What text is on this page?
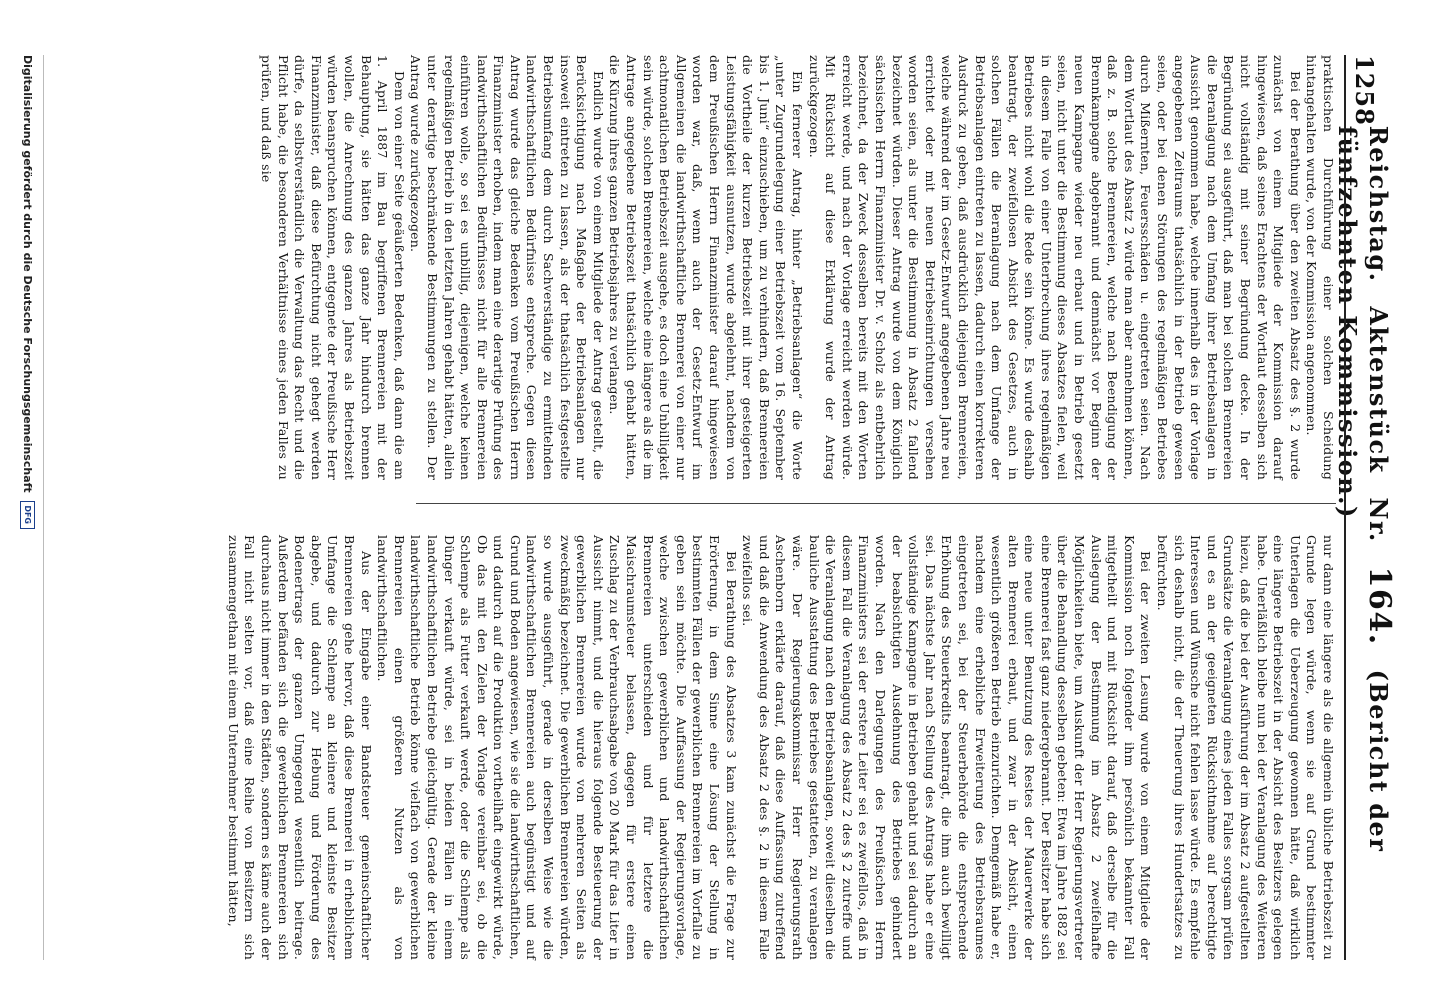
1258
Reichstag. Aktenstück Nr. 164. (Bericht der fünfzehnten Kommission.)

praktischen Durchführung einer solchen Scheidung hintangehalten wurde, von der Kommission angenommen.

Bei der Berathung über den zweiten Absatz des §. 2 wurde zunächst von einem Mitgliede der Kommission darauf hingewiesen, daß seines Erachtens der Wortlaut desselben sich nicht vollständig mit seiner Begründung decke. In der Begründung sei ausgeführt, daß man bei solchen Brennereien die Beranlagung nach dem Umfang ihrer Betriebsanlagen in Aussicht genommen habe, welche innerhalb des in der Vorlage angegebenen Zeitraums thatsächlich in der Betrieb gewesen seien, oder bei denen Störungen des regelmäßigen Betriebes durch Mißernten, Feuersschäden u. eingetreten seien. Nach dem Wortlaut des Absatz 2 würde man aber annehmen können, daß z. B. solche Brennereien, welche nach Beendigung der Brennkampagne abgebrannt und demnächst vor Beginn der neuen Kampagne wieder neu erbaut und in Betrieb gesetzt seien, nicht unter die Bestimmung dieses Absatzes fielen, weil in diesem Falle von einer Unterbrechung ihres regelmäßigen Betriebes nicht wohl die Rede sein könne. Es wurde deshalb beantragt, der zweifellosen Absicht des Gesetzes, auch in solchen Fällen die Beranlagung nach dem Umfange der Betriebsanlagen eintreten zu lassen, dadurch einen korrekteren Ausdruck zu geben, daß ausdrücklich diejenigen Brennereien, welche während der im Gesetz-Entwurf angegebenen Jahre neu errichtet oder mit neuen Betriebseinrichtungen versehen worden seien, als unter die Bestimmung in Absatz 2 fallend bezeichnet würden. Dieser Antrag wurde von dem Königlich sächsischen Herrn Finanzminister Dr. v. Scholz als entbehrlich bezeichnet, da der Zweck desselben bereits mit den Worten erreicht werde, und nach der Vorlage erreicht werden würde. Mit Rücksicht auf diese Erklärung wurde der Antrag zurückgezogen.

Ein fernerer Antrag, hinter „Betriebsanlagen“ die Worte „unter Zugrundelegung einer Betriebszeit vom 16. September bis 1. Juni“ einzuschieben, um zu verhindern, daß Brennereien die Vortheile der kurzen Betriebszeit mit ihrer gesteigerten Leistungsfähigkeit ausnutzen, wurde abgelehnt, nachdem von dem Preußischen Herrn Finanzminister darauf hingewiesen worden war, daß, wenn auch der Gesetz-Entwurf im Allgemeinen die landwirthschaftliche Brennerei von einer nur achtmonatlichen Betriebszeit ausgehe, es doch eine Unbilligkeit sein würde, solchen Brennereien, welche eine längere als die im Antrage angegebene Betriebszeit thatsächlich gehabt hätten, die Kürzung ihres ganzen Betriebsjahres zu verlangen.

Endlich wurde von einem Mitgliede der Antrag gestellt, die Berücksichtigung nach Maßgabe der Betriebsanlagen nur insoweit eintreten zu lassen, als der thatsächlich festgestellte Betriebsumfang dem durch Sachverständige zu ermittelnden landwirthschaftlichen Bedürfnisse entspreche. Gegen diesen Antrag wurde das gleiche Bedenken vom Preußischen Herrn Finanzminister erhoben, indem man eine derartige Prüfung des landwirthschaftlichen Bedürfnisses nicht für alle Brennereien einführen wolle, so sei es unbillig, diejenigen, welche keinen regelmäßigen Betrieb in den letzten Jahren gehabt hätten, allein unter derartige beschränkende Bestimmungen zu stellen. Der Antrag wurde zurückgezogen.

Dem von einer Seite geäußerten Bedenken, daß dann die am 1. April 1887 im Bau begriffenen Brennereien mit der Behauptung, sie hätten das ganze Jahr hindurch brennen wollen, die Anrechnung des ganzen Jahres als Betriebszeit würden beanspruchen können, entgegnete der Preußische Herr Finanzminister, daß diese Befürchtung nicht gehegt werden dürfe, da selbstverständlich die Verwaltung das Recht und die Pflicht habe, die besonderen Verhältnisse eines jeden Falles zu prüfen, und daß sie

nur dann eine längere als die allgemein übliche Betriebszeit zu Grunde legen würde, wenn sie auf Grund bestimmter Unterlagen die Ueberzeugung gewonnen hätte, daß wirklich eine längere Betriebszeit in der Absicht des Besitzers gelegen habe. Unerläßlich bleibe nun bei der Veranlagung des Weiteren hiezu, daß die bei der Ausführung der im Absatz 2 aufgestellten Grundsätze die Veranlagung eines jeden Falles sorgsam prüfen und es an der geeigneten Rücksichtnahme auf berechtigte Interessen und Wünsche nicht fehlen lasse würde. Es empfehle sich deshalb nicht, die der Theuerung ihres Hundertsatzes zu befürchten.

Bei der zweiten Lesung wurde von einem Mitgliede der Kommission noch folgender ihm persönlich bekannter Fall mitgetheilt und mit Rücksicht darauf, daß derselbe für die Auslegung der Bestimmung im Absatz 2 zweifelhafte Möglichkeiten biete, um Auskunft der Herr Regierungsvertreter über die Behandlung desselben gebeten: Etwa im Jahre 1882 sei eine Brennerei fast ganz niedergebrannt. Der Besitzer habe sich eine neue unter Benutzung des Restes der Mauerwerke der alten Brennerei erbaut, und zwar in der Absicht, einen wesentlich größeren Betrieb einzurichten. Demgemäß habe er, nachdem eine erhebliche Erweiterung des Betriebsraumes eingetreten sei, bei der Steuerbehörde die entsprechende Erhöhung des Steuerkredits beantragt, die ihm auch bewilligt sei. Das nächste Jahr nach Stellung des Antrags habe er eine vollständige Kampagne in Betrieben gehabt und sei dadurch an der beabsichtigten Ausdehnung des Betriebes gehindert worden. Nach den Darlegungen des Preußischen Herrn Finanzministers sei der erstere Leiter sei es zweifellos, daß in diesem Fall die Veranlagung des Absatz 2 des § 2 zutreffe und die Veranlagung nach den Betriebsanlagen, soweit dieselben die bauliche Ausstattung des Betriebes gestatteten, zu veranlagen wäre. Der Regierungskommissar Herr Regierungsrath Aschenborn erklärte darauf, daß diese Auffassung zutreffend und daß die Anwendung des Absatz 2 des §. 2 in diesem Falle zweifellos sei.

Bei Berathung des Absatzes 3 kam zunächst die Frage zur Erörterung, in dem Sinne eine Lösung der Stellung in bestimmten Fällen der gewerblichen Brennereien im Vorfalle zu geben sein möchte. Die Auffassung der Regierungsvorlage, welche zwischen gewerblichen und landwirthschaftlichen Brennereien unterschieden und für letztere die Maischraumsteuer belassen, dagegen für erstere einen Zuschlag zu der Verbrauchsabgabe von 20 Mark für das Liter in Aussicht nimmt, und die hieraus folgende Besteuerung der gewerblichen Brennereien wurde von mehreren Seiten als zweckmäßig bezeichnet. Die gewerblichen Brennereien würden, so wurde ausgeführt, gerade in derselben Weise wie die landwirthschaftlichen Brennereien auch begünstigt und auf Grund und Boden angewiesen, wie sie die landwirthschaftlichen, und dadurch auf die Produktion vortheilhaft eingewirkt würde, Ob das mit den Zielen der Vorlage vereinbar sei, ob die Schlempe als Futter verkauft werde, oder die Schlempe als Dünger verkauft würde, sei in beiden Fällen in einem landwirthschaftlichen Betriebe gleichgültig. Gerade der kleine landwirthschaftliche Betrieb könne vielfach von gewerblichen Brennereien einen größeren Nutzen als von landwirthschaftlichen.

Aus der Eingabe einer Bandsteuer gemeinschaftlicher Brennereien gehe hervor, daß diese Brennerei in erheblichem Umfange die Schlempe an kleinere und kleinste Besitzer abgebe, und dadurch zur Hebung und Förderung des Bodenertrags der ganzen Umgegend wesentlich beitrage. Außerdem befänden sich die gewerblichen Brennereien sich durchaus nicht immer in den Städten, sondern es käme auch der Fall nicht selten vor, daß eine Reihe von Besitzern sich zusammengethan mit einem Unternehmer bestimmt hätten,

Digitalisierung gefördert durch die Deutsche Forschungsgemeinschaft
DFG
